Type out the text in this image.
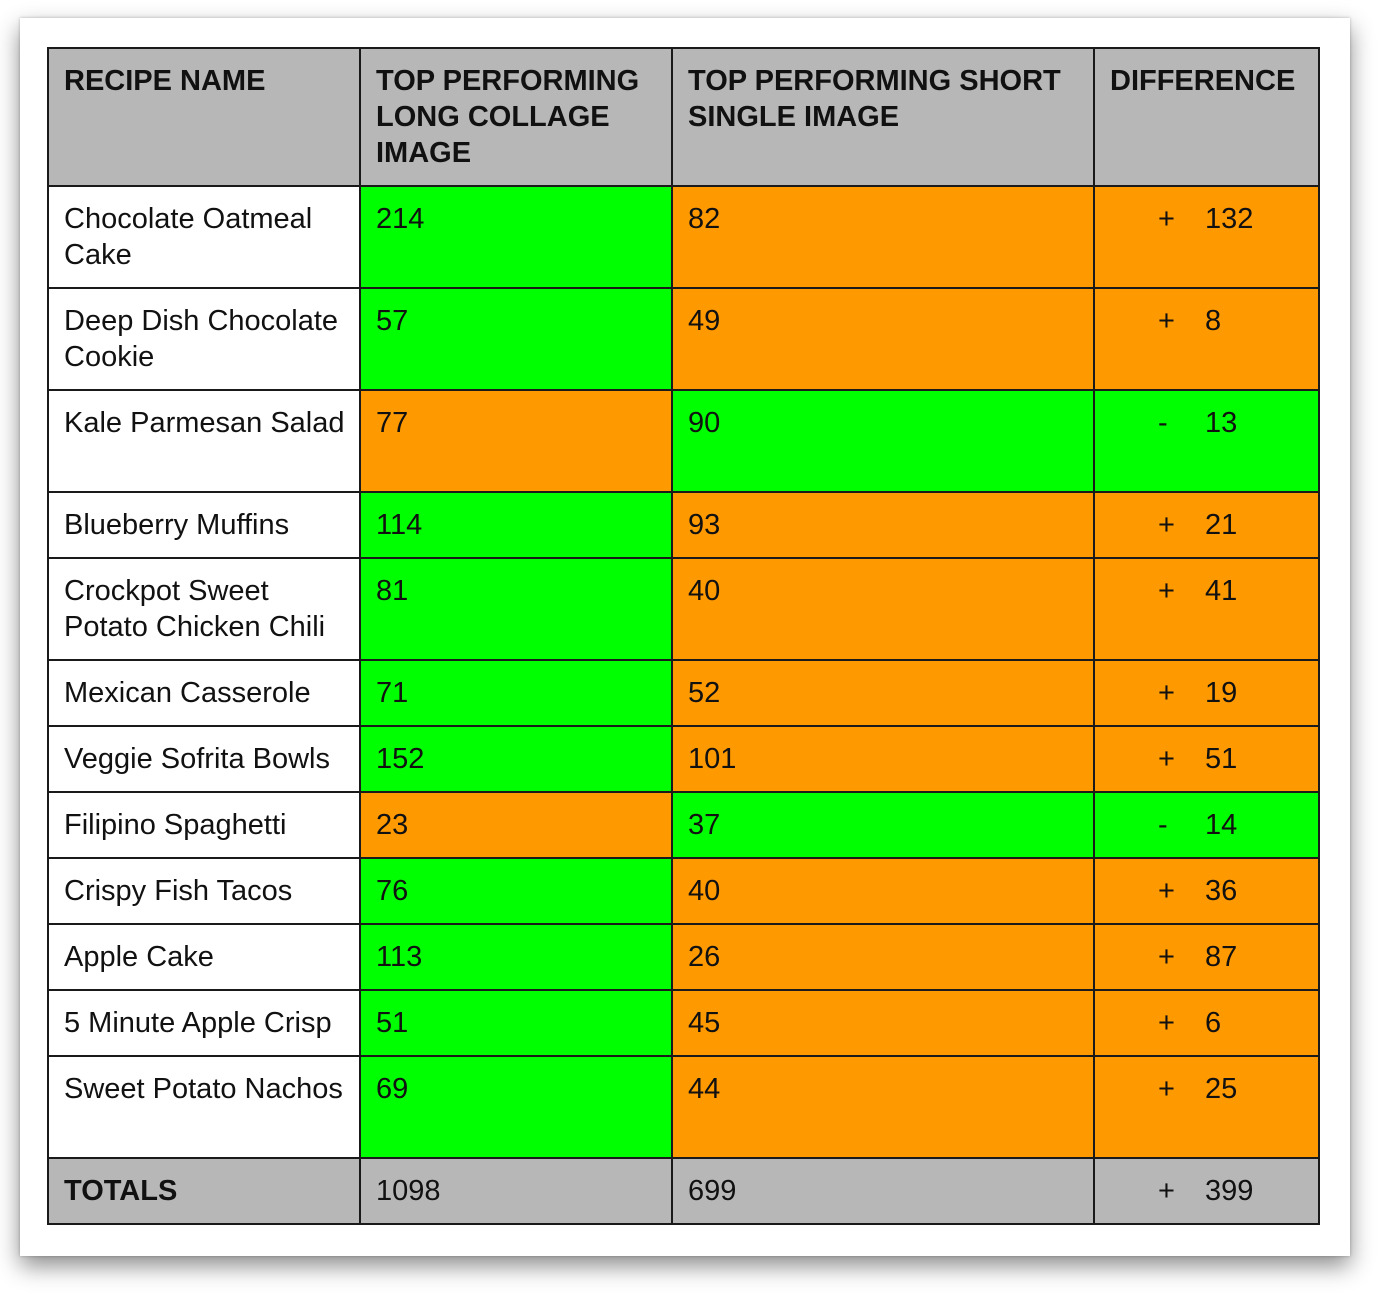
RECIPE NAME	TOP PERFORMING LONG COLLAGE IMAGE	TOP PERFORMING SHORT SINGLE IMAGE	DIFFERENCE
Chocolate Oatmeal Cake	214	82	+ 132
Deep Dish Chocolate Cookie	57	49	+ 8
Kale Parmesan Salad	77	90	- 13
Blueberry Muffins	114	93	+ 21
Crockpot Sweet Potato Chicken Chili	81	40	+ 41
Mexican Casserole	71	52	+ 19
Veggie Sofrita Bowls	152	101	+ 51
Filipino Spaghetti	23	37	- 14
Crispy Fish Tacos	76	40	+ 36
Apple Cake	113	26	+ 87
5 Minute Apple Crisp	51	45	+ 6
Sweet Potato Nachos	69	44	+ 25
TOTALS	1098	699	+ 399
